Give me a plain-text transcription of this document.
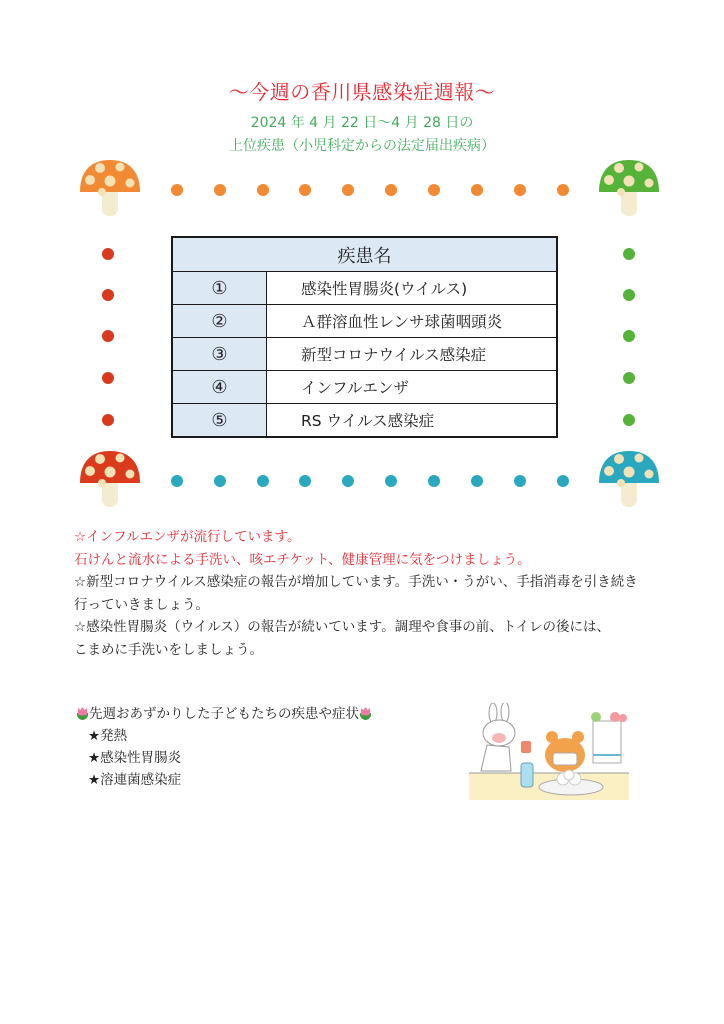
～今週の香川県感染症週報～
2024 年 4 月 22 日～4 月 28 日の
上位疾患（小児科定からの法定届出疾病）
疾患名	
①	感染性胃腸炎(ウイルス)
②	Ａ群溶血性レンサ球菌咽頭炎
③	新型コロナウイルス感染症
④	インフルエンザ
⑤	RS ウイルス感染症
☆インフルエンザが流行しています。
石けんと流水による手洗い、咳エチケット、健康管理に気をつけましょう。
☆新型コロナウイルス感染症の報告が増加しています。手洗い・うがい、手指消毒を引き続き
行っていきましょう。
☆感染性胃腸炎（ウイルス）の報告が続いています。調理や食事の前、トイレの後には、
こまめに手洗いをしましょう。
先週おあずかりした子どもたちの疾患や症状
★発熱
★感染性胃腸炎
★溶連菌感染症
